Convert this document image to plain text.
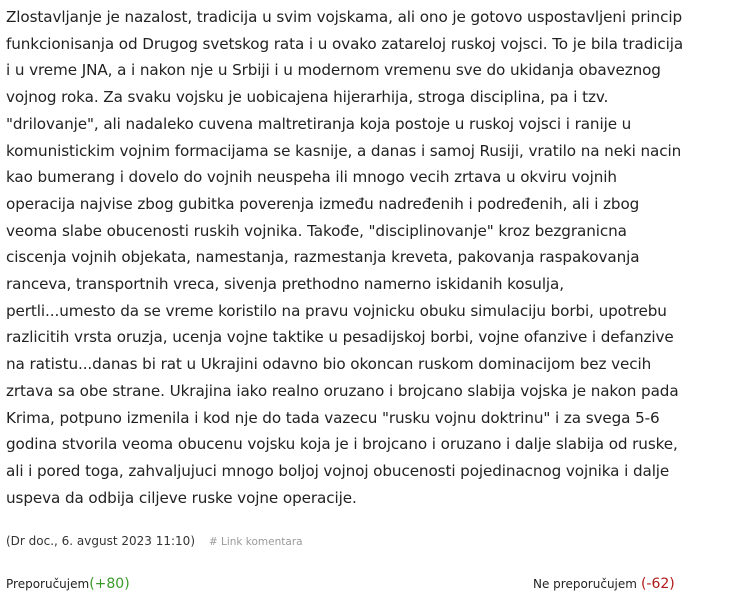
Zlostavljanje je nazalost, tradicija u svim vojskama, ali ono je gotovo uspostavljeni princip
funkcionisanja od Drugog svetskog rata i u ovako zatareloj ruskoj vojsci. To je bila tradicija
i u vreme JNA, a i nakon nje u Srbiji i u modernom vremenu sve do ukidanja obaveznog
vojnog roka. Za svaku vojsku je uobicajena hijerarhija, stroga disciplina, pa i tzv.
"drilovanje", ali nadaleko cuvena maltretiranja koja postoje u ruskoj vojsci i ranije u
komunistickim vojnim formacijama se kasnije, a danas i samoj Rusiji, vratilo na neki nacin
kao bumerang i dovelo do vojnih neuspeha ili mnogo vecih zrtava u okviru vojnih
operacija najvise zbog gubitka poverenja između nadređenih i podređenih, ali i zbog
veoma slabe obucenosti ruskih vojnika. Takođe, "disciplinovanje" kroz bezgranicna
ciscenja vojnih objekata, namestanja, razmestanja kreveta, pakovanja raspakovanja
ranceva, transportnih vreca, sivenja prethodno namerno iskidanih kosulja,
pertli...umesto da se vreme koristilo na pravu vojnicku obuku simulaciju borbi, upotrebu
razlicitih vrsta oruzja, ucenja vojne taktike u pesadijskoj borbi, vojne ofanzive i defanzive
na ratistu...danas bi rat u Ukrajini odavno bio okoncan ruskom dominacijom bez vecih
zrtava sa obe strane. Ukrajina iako realno oruzano i brojcano slabija vojska je nakon pada
Krima, potpuno izmenila i kod nje do tada vazecu "rusku vojnu doktrinu" i za svega 5-6
godina stvorila veoma obucenu vojsku koja je i brojcano i oruzano i dalje slabija od ruske,
ali i pored toga, zahvaljujuci mnogo boljoj vojnoj obucenosti pojedinacnog vojnika i dalje
uspeva da odbija ciljeve ruske vojne operacije.

(Dr doc., 6. avgust 2023 11:10) # Link komentara
Preporučujem(+80)	Ne preporučujem (-62)
